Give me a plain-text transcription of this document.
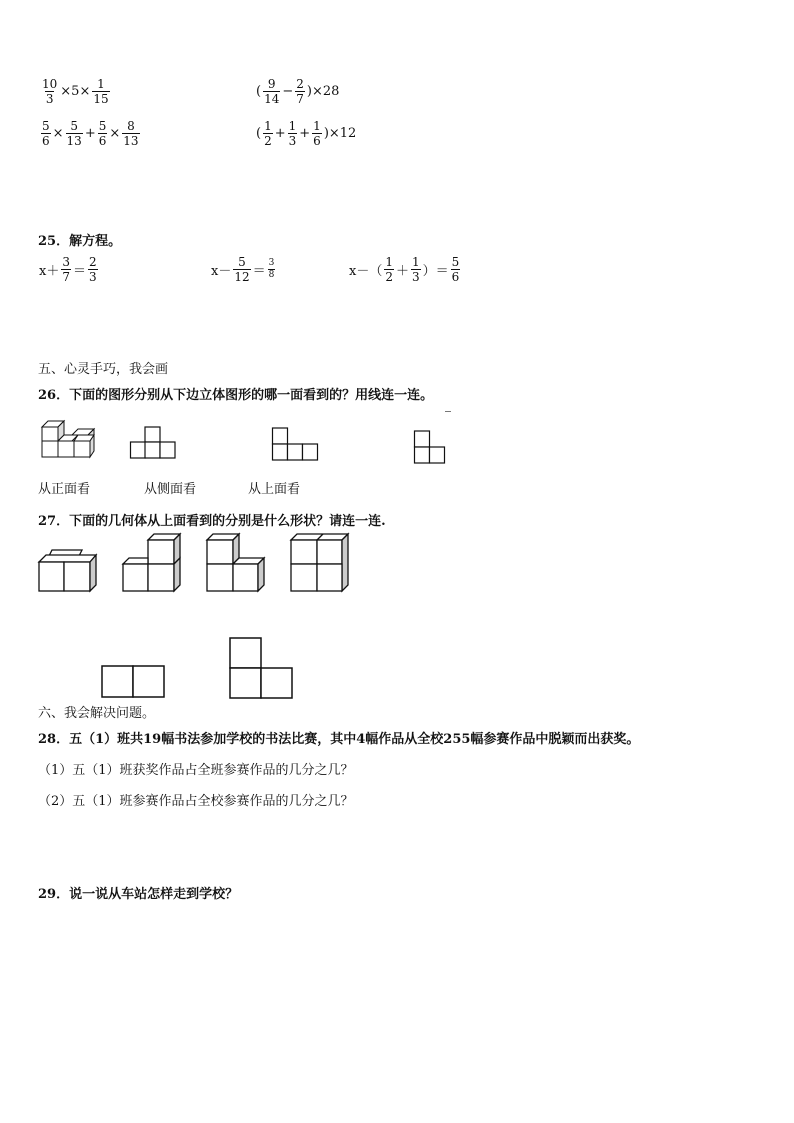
$\frac{10}{3} \times 5\times \frac{1}{15}$	( $\frac{9}{14} - \frac{2}{7} )\times 28$
$\frac{5}{6} \times \frac{5}{13} + \frac{5}{6} \times \frac{8}{13}$	( $\frac{1}{2} + \frac{1}{3} + \frac{1}{6} )\times 12$
25．解方程。
$x+ \frac{3}{7} = \frac{2}{3}$	$x- \frac{5}{12} = \frac{3}{8}$	$x-( \frac{1}{2} + \frac{1}{3}$ ）＝ $\frac{5}{6}$
五、心灵手巧，我会画
26．下面的图形分别从下边立体图形的哪一面看到的？用线连一连。
从正面看	从侧面看	从上面看
27．下面的几何体从上面看到的分别是什么形状？请连一连.
六、我会解决问题。
28．五（1）班共19幅书法参加学校的书法比赛，其中4幅作品从全校255幅参赛作品中脱颖而出获奖。
（1）五（1）班获奖作品占全班参赛作品的几分之几？
（2）五（1）班参赛作品占全校参赛作品的几分之几？
29．说一说从车站怎样走到学校？
